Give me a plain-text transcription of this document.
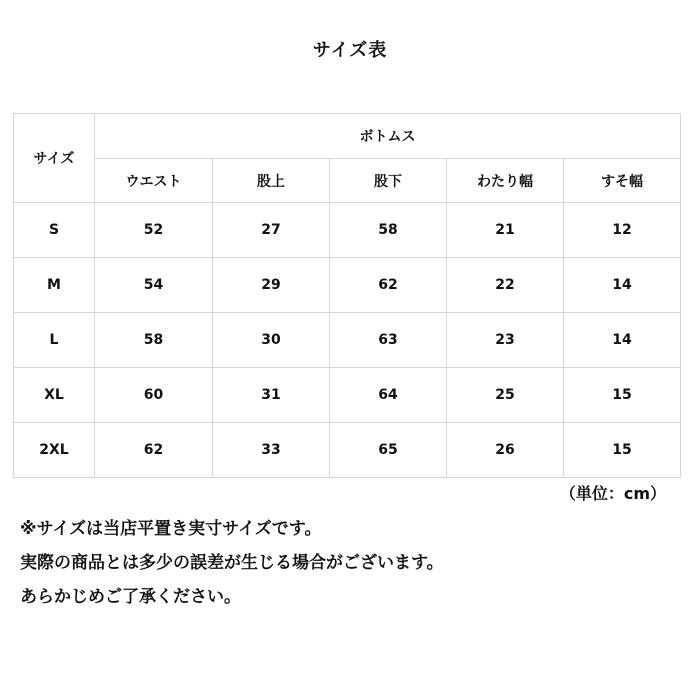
サイズ表
サイズ	ボトムス				
	ウエスト	股上	股下	わたり幅	すそ幅
S	52	27	58	21	12
M	54	29	62	22	14
L	58	30	63	23	14
XL	60	31	64	25	15
2XL	62	33	65	26	15
（単位：cm）

※サイズは当店平置き実寸サイズです。

実際の商品とは多少の誤差が生じる場合がございます。

あらかじめご了承ください。
